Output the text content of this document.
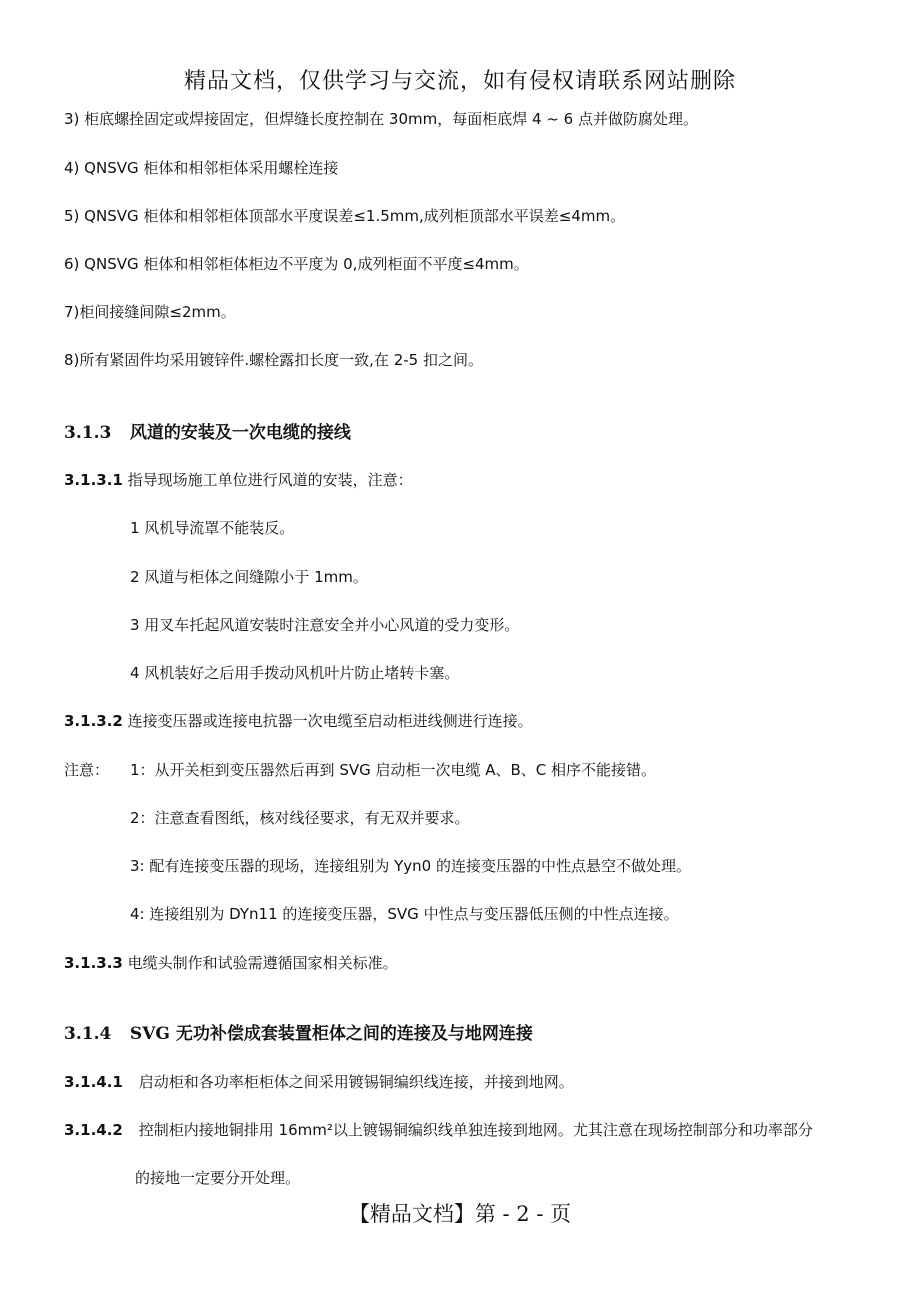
精品文档，仅供学习与交流，如有侵权请联系网站删除
3) 柜底螺拴固定或焊接固定，但焊缝长度控制在 30mm，每面柜底焊 4 ~ 6 点并做防腐处理。
4) QNSVG 柜体和相邻柜体采用螺栓连接
5) QNSVG 柜体和相邻柜体顶部水平度误差≤1.5mm,成列柜顶部水平误差≤4mm。
6) QNSVG 柜体和相邻柜体柜边不平度为 0,成列柜面不平度≤4mm。
7)柜间接缝间隙≤2mm。
8)所有紧固件均采用镀锌件.螺栓露扣长度一致,在 2-5 扣之间。
3.1.3 风道的安装及一次电缆的接线
3.1.3.1 指导现场施工单位进行风道的安装，注意：
1 风机导流罩不能装反。
2 风道与柜体之间缝隙小于 1mm。
3 用叉车托起风道安装时注意安全并小心风道的受力变形。
4 风机装好之后用手拨动风机叶片防止堵转卡塞。
3.1.3.2 连接变压器或连接电抗器一次电缆至启动柜进线侧进行连接。
注意： 1：从开关柜到变压器然后再到 SVG 启动柜一次电缆 A、B、C 相序不能接错。
2：注意查看图纸，核对线径要求，有无双并要求。
3: 配有连接变压器的现场，连接组别为 Yyn0 的连接变压器的中性点悬空不做处理。
4: 连接组别为 DYn11 的连接变压器，SVG 中性点与变压器低压侧的中性点连接。
3.1.3.3 电缆头制作和试验需遵循国家相关标准。
3.1.4 SVG 无功补偿成套装置柜体之间的连接及与地网连接
3.1.4.1 启动柜和各功率柜柜体之间采用镀锡铜编织线连接，并接到地网。
3.1.4.2 控制柜内接地铜排用 16mm²以上镀锡铜编织线单独连接到地网。尤其注意在现场控制部分和功率部分
的接地一定要分开处理。
【精品文档】第 - 2 - 页
